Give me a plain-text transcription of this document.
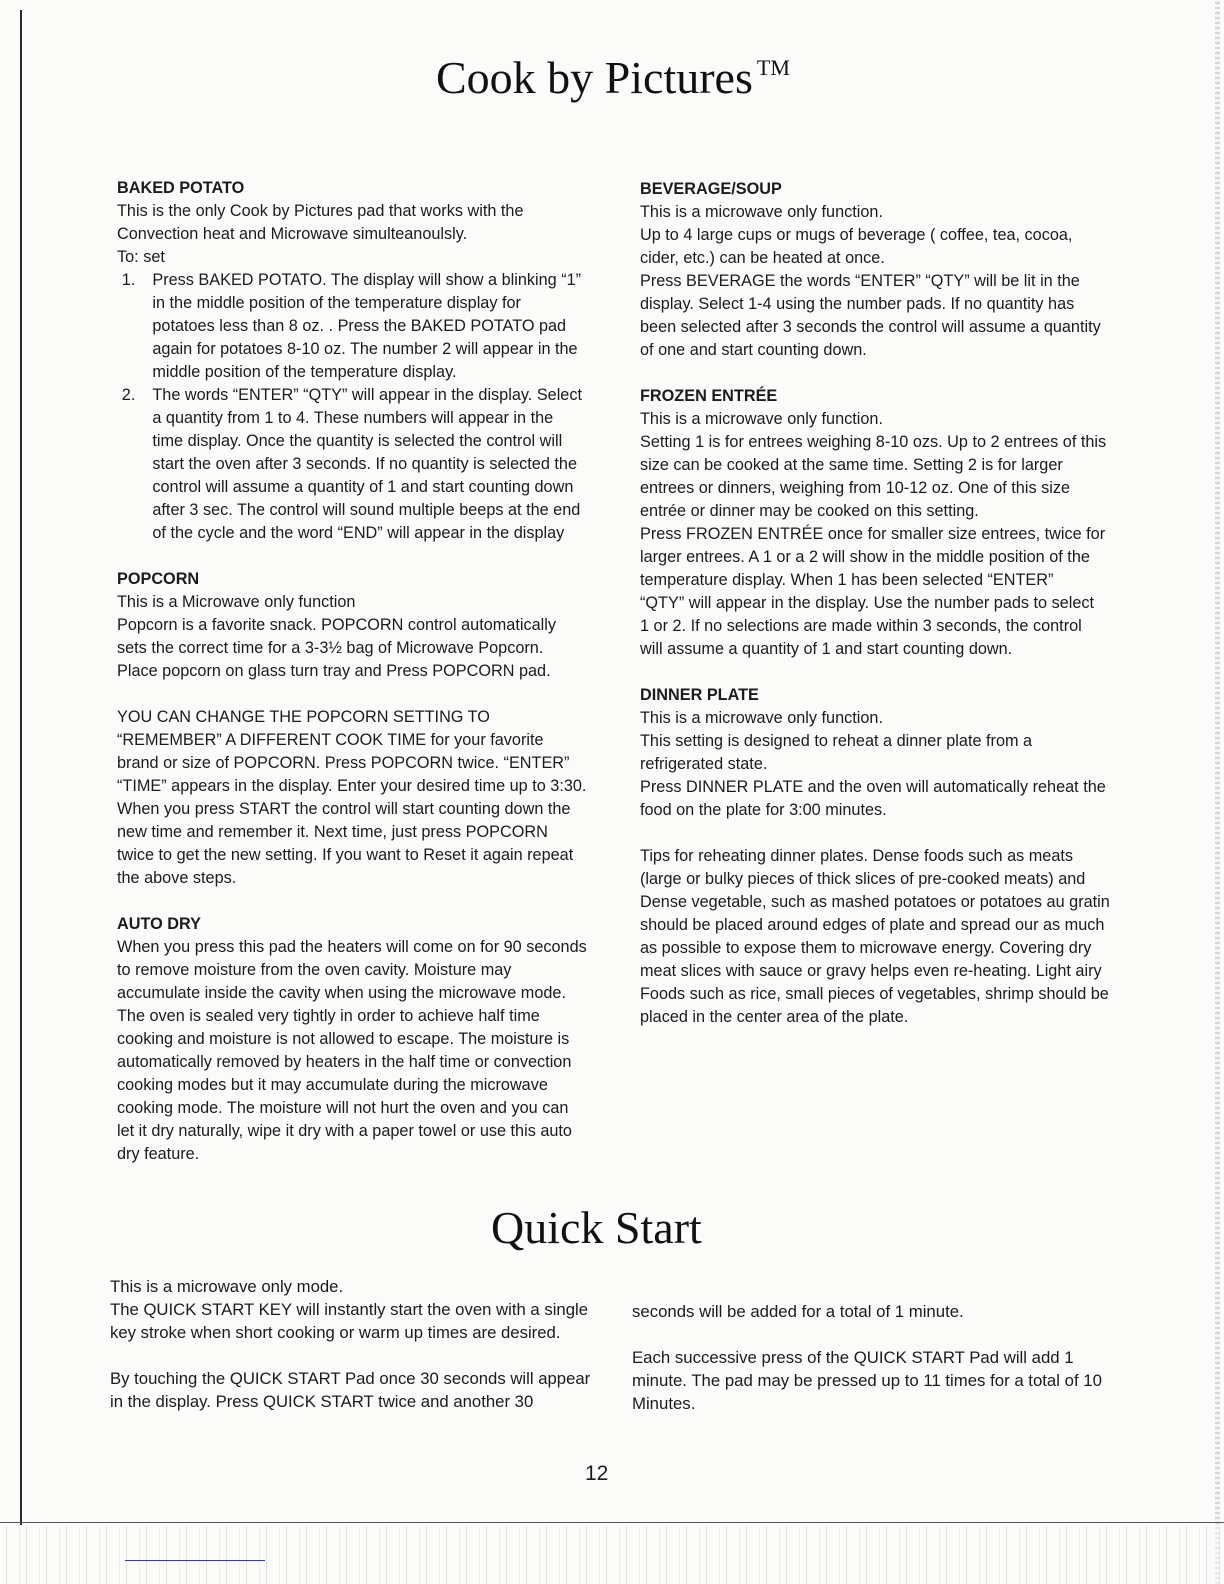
Cook by Pictures ™
BAKED POTATO

This is the only Cook by Pictures pad that works with the

Convection heat and Microwave simulteanoulsly.

To: set

1.	Press BAKED POTATO. The display will show a blinking “1”

in the middle position of the temperature display for

potatoes less than 8 oz. . Press the BAKED POTATO pad

again for potatoes 8-10 oz. The number 2 will appear in the

middle position of the temperature display.

2.	The words “ENTER” “QTY” will appear in the display. Select

a quantity from 1 to 4. These numbers will appear in the

time display. Once the quantity is selected the control will

start the oven after 3 seconds. If no quantity is selected the

control will assume a quantity of 1 and start counting down

after 3 sec. The control will sound multiple beeps at the end

of the cycle and the word “END” will appear in the display

POPCORN

This is a Microwave only function

Popcorn is a favorite snack. POPCORN control automatically

sets the correct time for a 3-3½ bag of Microwave Popcorn.

Place popcorn on glass turn tray and Press POPCORN pad.

YOU CAN CHANGE THE POPCORN SETTING TO

“REMEMBER” A DIFFERENT COOK TIME for your favorite

brand or size of POPCORN. Press POPCORN twice. “ENTER”

“TIME” appears in the display. Enter your desired time up to 3:30.

When you press START the control will start counting down the

new time and remember it. Next time, just press POPCORN

twice to get the new setting. If you want to Reset it again repeat

the above steps.

AUTO DRY

When you press this pad the heaters will come on for 90 seconds

to remove moisture from the oven cavity. Moisture may

accumulate inside the cavity when using the microwave mode.

The oven is sealed very tightly in order to achieve half time

cooking and moisture is not allowed to escape. The moisture is

automatically removed by heaters in the half time or convection

cooking modes but it may accumulate during the microwave

cooking mode. The moisture will not hurt the oven and you can

let it dry naturally, wipe it dry with a paper towel or use this auto

dry feature.

BEVERAGE/SOUP

This is a microwave only function.

Up to 4 large cups or mugs of beverage ( coffee, tea, cocoa,

cider, etc.) can be heated at once.

Press BEVERAGE the words “ENTER” “QTY” will be lit in the

display. Select 1-4 using the number pads. If no quantity has

been selected after 3 seconds the control will assume a quantity

of one and start counting down.

FROZEN ENTRÉE

This is a microwave only function.

Setting 1 is for entrees weighing 8-10 ozs. Up to 2 entrees of this

size can be cooked at the same time. Setting 2 is for larger

entrees or dinners, weighing from 10-12 oz. One of this size

entrée or dinner may be cooked on this setting.

Press FROZEN ENTRÉE once for smaller size entrees, twice for

larger entrees. A 1 or a 2 will show in the middle position of the

temperature display. When 1 has been selected “ENTER”

“QTY” will appear in the display. Use the number pads to select

1 or 2. If no selections are made within 3 seconds, the control

will assume a quantity of 1 and start counting down.

DINNER PLATE

This is a microwave only function.

This setting is designed to reheat a dinner plate from a

refrigerated state.

Press DINNER PLATE and the oven will automatically reheat the

food on the plate for 3:00 minutes.

Tips for reheating dinner plates. Dense foods such as meats

(large or bulky pieces of thick slices of pre-cooked meats) and

Dense vegetable, such as mashed potatoes or potatoes au gratin

should be placed around edges of plate and spread our as much

as possible to expose them to microwave energy. Covering dry

meat slices with sauce or gravy helps even re-heating. Light airy

Foods such as rice, small pieces of vegetables, shrimp should be

placed in the center area of the plate.

Quick Start

This is a microwave only mode.

The QUICK START KEY will instantly start the oven with a single

key stroke when short cooking or warm up times are desired.

By touching the QUICK START Pad once 30 seconds will appear

in the display. Press QUICK START twice and another 30

seconds will be added for a total of 1 minute.

Each successive press of the QUICK START Pad will add 1

minute. The pad may be pressed up to 11 times for a total of 10

Minutes.

12
